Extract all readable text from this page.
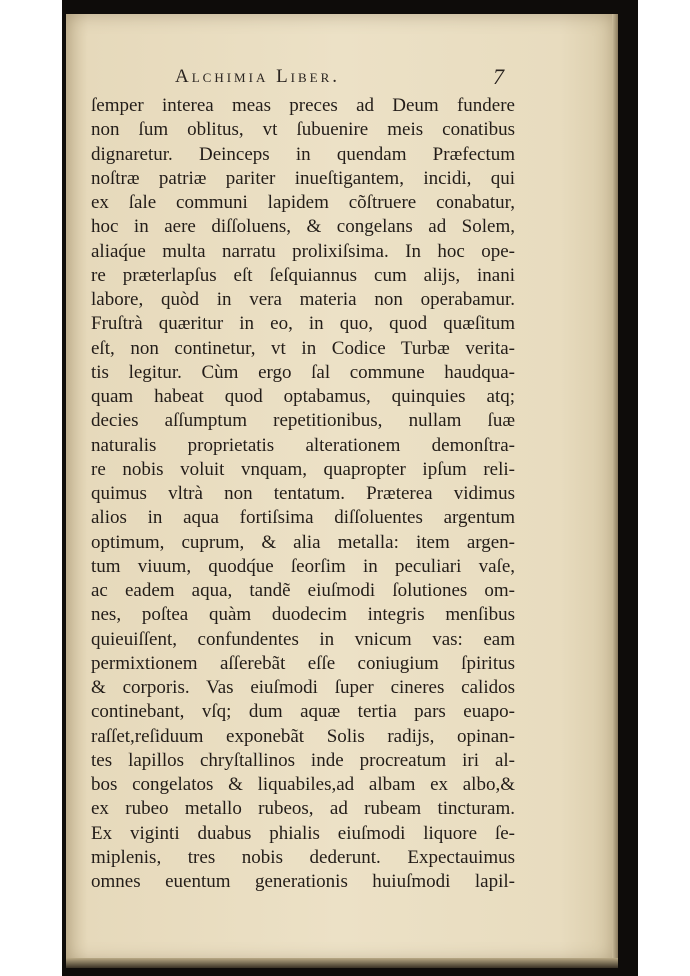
Alchimia Liber.	7
ſemper interea meas preces ad Deum fundere
non ſum oblitus, vt ſubuenire meis conatibus
dignaretur. Deinceps in quendam Præfectum
noſtræ patriæ pariter inueſtigantem, incidi, qui
ex ſale communi lapidem cõſtruere conabatur,
hoc in aere diſſoluens, & congelans ad Solem,
aliaq́ue multa narratu prolixiſsima. In hoc ope-
re præterlapſus eſt ſeſquiannus cum alijs, inani
labore, quòd in vera materia non operabamur.
Fruſtrà quæritur in eo, in quo, quod quæſitum
eſt, non continetur, vt in Codice Turbæ verita-
tis legitur. Cùm ergo ſal commune haudqua-
quam habeat quod optabamus, quinquies atq;
decies aſſumptum repetitionibus, nullam ſuæ
naturalis proprietatis alterationem demonſtra-
re nobis voluit vnquam, quapropter ipſum reli-
quimus vltrà non tentatum. Præterea vidimus
alios in aqua fortiſsima diſſoluentes argentum
optimum, cuprum, & alia metalla: item argen-
tum viuum, quodq́ue ſeorſim in peculiari vaſe,
ac eadem aqua, tandẽ eiuſmodi ſolutiones om-
nes, poſtea quàm duodecim integris menſibus
quieuiſſent, confundentes in vnicum vas: eam
permixtionem aſſerebãt eſſe coniugium ſpiritus
& corporis. Vas eiuſmodi ſuper cineres calidos
continebant, vſq; dum aquæ tertia pars euapo-
raſſet,reſiduum exponebãt Solis radijs, opinan-
tes lapillos chryſtallinos inde procreatum iri al-
bos congelatos & liquabiles,ad albam ex albo,&
ex rubeo metallo rubeos, ad rubeam tincturam.
Ex viginti duabus phialis eiuſmodi liquore ſe-
miplenis, tres nobis dederunt. Expectauimus
omnes euentum generationis huiuſmodi lapil-
